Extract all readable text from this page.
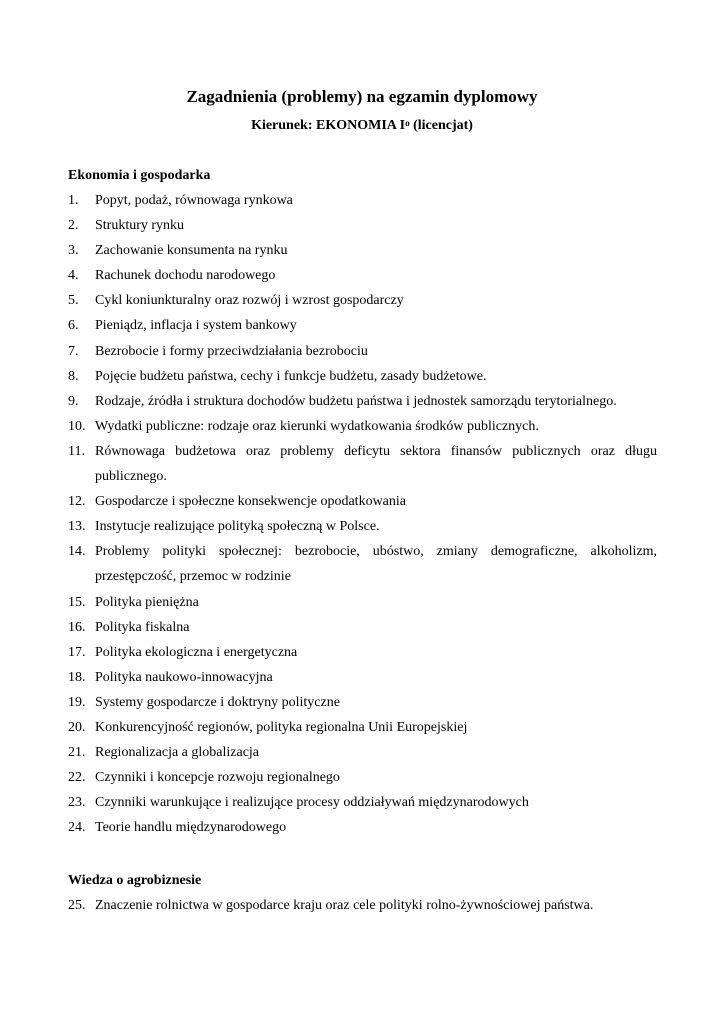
Zagadnienia (problemy) na egzamin dyplomowy
Kierunek: EKONOMIA $I^o$ (licencjat)
Ekonomia i gospodarka
1.	Popyt, podaż, równowaga rynkowa
2.	Struktury rynku
3.	Zachowanie konsumenta na rynku
4.	Rachunek dochodu narodowego
5.	Cykl koniunkturalny oraz rozwój i wzrost gospodarczy
6.	Pieniądz, inflacja i system bankowy
7.	Bezrobocie i formy przeciwdziałania bezrobociu
8.	Pojęcie budżetu państwa, cechy i funkcje budżetu, zasady budżetowe.
9.	Rodzaje, źródła i struktura dochodów budżetu państwa i jednostek samorządu terytorialnego.
10. Wydatki publiczne: rodzaje oraz kierunki wydatkowania środków publicznych.
11. Równowaga budżetowa oraz problemy deficytu sektora finansów publicznych oraz długu publicznego.
12. Gospodarcze i społeczne konsekwencje opodatkowania
13. Instytucje realizujące polityką społeczną w Polsce.
14. Problemy polityki społecznej: bezrobocie, ubóstwo, zmiany demograficzne, alkoholizm, przestępczość, przemoc w rodzinie
15. Polityka pieniężna
16. Polityka fiskalna
17. Polityka ekologiczna i energetyczna
18. Polityka naukowo-innowacyjna
19. Systemy gospodarcze i doktryny polityczne
20. Konkurencyjność regionów, polityka regionalna Unii Europejskiej
21. Regionalizacja a globalizacja
22. Czynniki i koncepcje rozwoju regionalnego
23. Czynniki warunkujące i realizujące procesy oddziaływań międzynarodowych
24. Teorie handlu międzynarodowego
Wiedza o agrobiznesie
25. Znaczenie rolnictwa w gospodarce kraju oraz cele polityki rolno-żywnościowej państwa.
